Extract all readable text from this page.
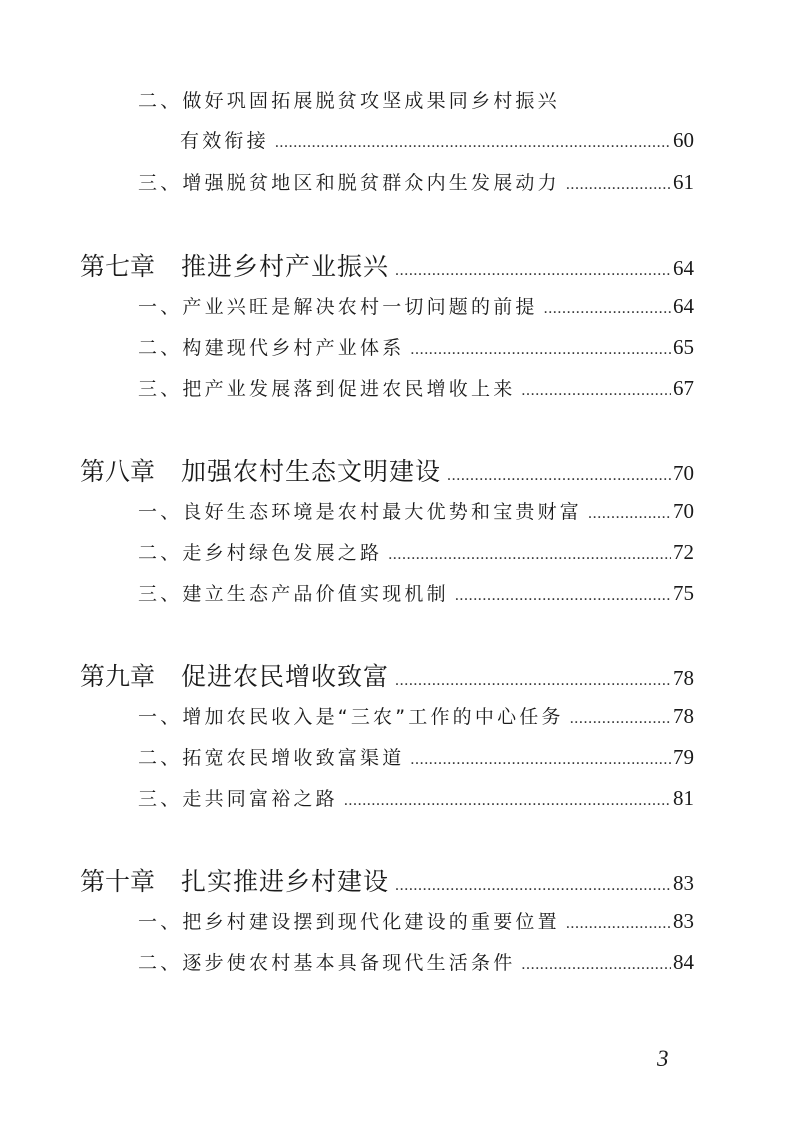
二、做好巩固拓展脱贫攻坚成果同乡村振兴
有效衔接 .....	60
三、增强脱贫地区和脱贫群众内生发展动力 .....	61
第七章 推进乡村产业振兴 .....	64
一、产业兴旺是解决农村一切问题的前提 .....	64
二、构建现代乡村产业体系 .....	65
三、把产业发展落到促进农民增收上来 .....	67
第八章 加强农村生态文明建设 .....	70
一、良好生态环境是农村最大优势和宝贵财富 .....	70
二、走乡村绿色发展之路 .....	72
三、建立生态产品价值实现机制 .....	75
第九章 促进农民增收致富 .....	78
一、增加农民收入是“三农”工作的中心任务 .....	78
二、拓宽农民增收致富渠道 .....	79
三、走共同富裕之路 .....	81
第十章 扎实推进乡村建设 .....	83
一、把乡村建设摆到现代化建设的重要位置 .....	83
二、逐步使农村基本具备现代生活条件 .....	84
3
